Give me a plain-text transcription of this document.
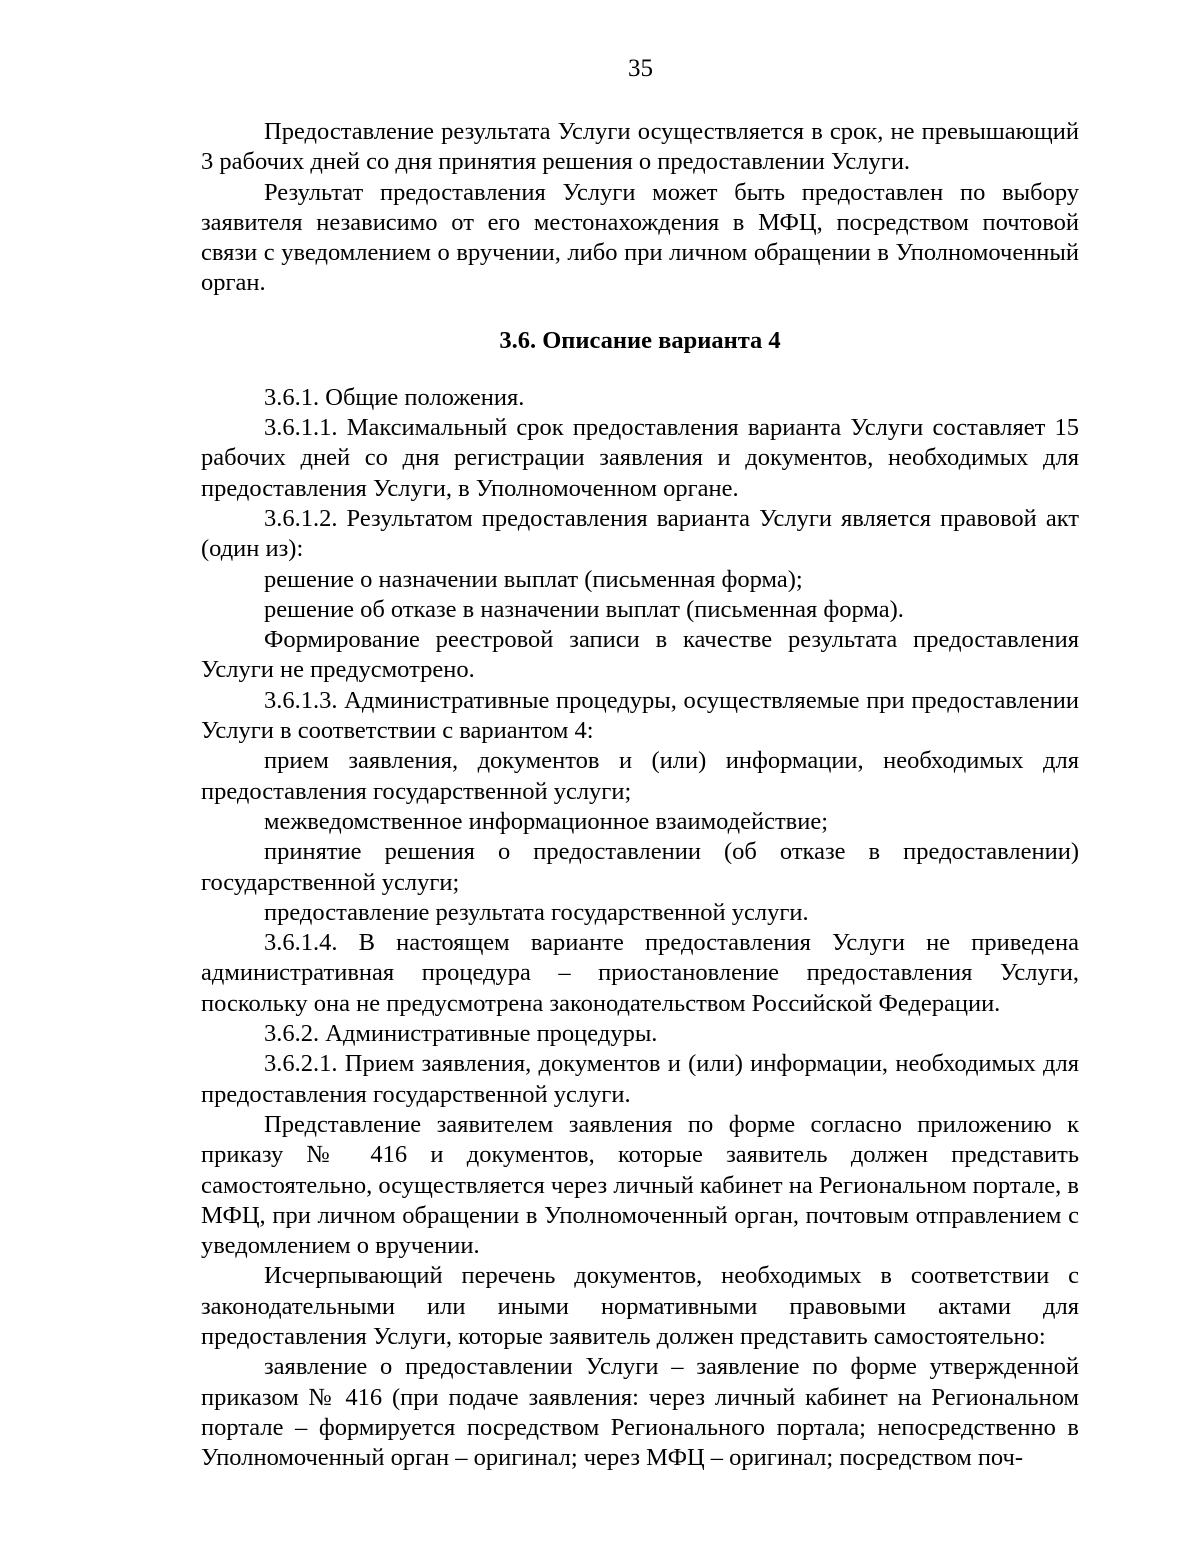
35

Предоставление результата Услуги осуществляется в срок, не превышающий 3 рабочих дней со дня принятия решения о предоставлении Услуги.

Результат предоставления Услуги может быть предоставлен по выбору заявителя независимо от его местонахождения в МФЦ, посредством почтовой связи с уведомлением о вручении, либо при личном обращении в Уполномоченный орган.

3.6. Описание варианта 4

3.6.1. Общие положения.

3.6.1.1. Максимальный срок предоставления варианта Услуги составляет 15 рабочих дней со дня регистрации заявления и документов, необходимых для предоставления Услуги, в Уполномоченном органе.

3.6.1.2. Результатом предоставления варианта Услуги является правовой акт (один из):

решение о назначении выплат (письменная форма);

решение об отказе в назначении выплат (письменная форма).

Формирование реестровой записи в качестве результата предоставления Услуги не предусмотрено.

3.6.1.3. Административные процедуры, осуществляемые при предоставлении Услуги в соответствии с вариантом 4:

прием заявления, документов и (или) информации, необходимых для предоставления государственной услуги;

межведомственное информационное взаимодействие;

принятие решения о предоставлении (об отказе в предоставлении) государственной услуги;

предоставление результата государственной услуги.

3.6.1.4. В настоящем варианте предоставления Услуги не приведена административная процедура – приостановление предоставления Услуги, поскольку она не предусмотрена законодательством Российской Федерации.

3.6.2. Административные процедуры.

3.6.2.1. Прием заявления, документов и (или) информации, необходимых для предоставления государственной услуги.

Представление заявителем заявления по форме согласно приложению к приказу № 416 и документов, которые заявитель должен представить самостоятельно, осуществляется через личный кабинет на Региональном портале, в МФЦ, при личном обращении в Уполномоченный орган, почтовым отправлением с уведомлением о вручении.

Исчерпывающий перечень документов, необходимых в соответствии с законодательными или иными нормативными правовыми актами для предоставления Услуги, которые заявитель должен представить самостоятельно:

заявление о предоставлении Услуги – заявление по форме утвержденной приказом № 416 (при подаче заявления: через личный кабинет на Региональном портале – формируется посредством Регионального портала; непосредственно в Уполномоченный орган – оригинал; через МФЦ – оригинал; посредством поч-
